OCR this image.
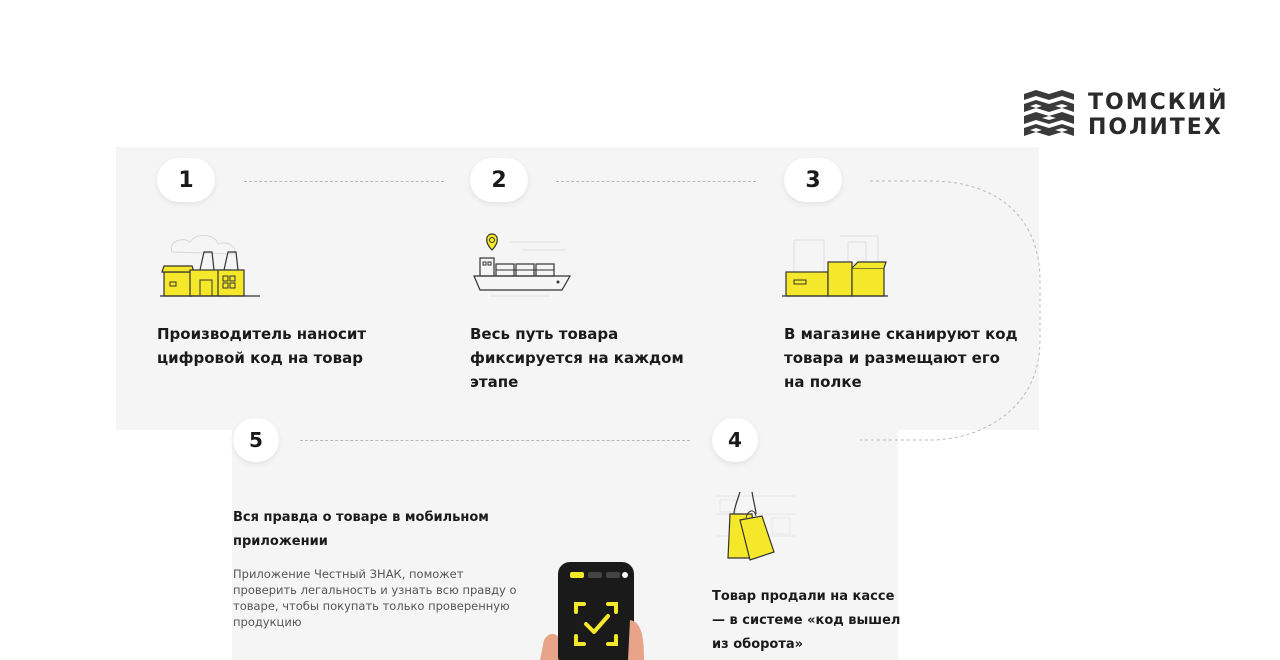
ТОМСКИЙ
ПОЛИТЕХ
1	2	3
5	4
Производитель наносит цифровой код на товар
Весь путь товара фиксируется на каждом этапе
В магазине сканируют код товара и размещают его на полке
Вся правда о товаре в мобильном приложении
Приложение Честный ЗНАК, поможет проверить легальность и узнать всю правду о товаре, чтобы покупать только проверенную продукцию
Товар продали на кассе — в системе «код вышел из оборота»
